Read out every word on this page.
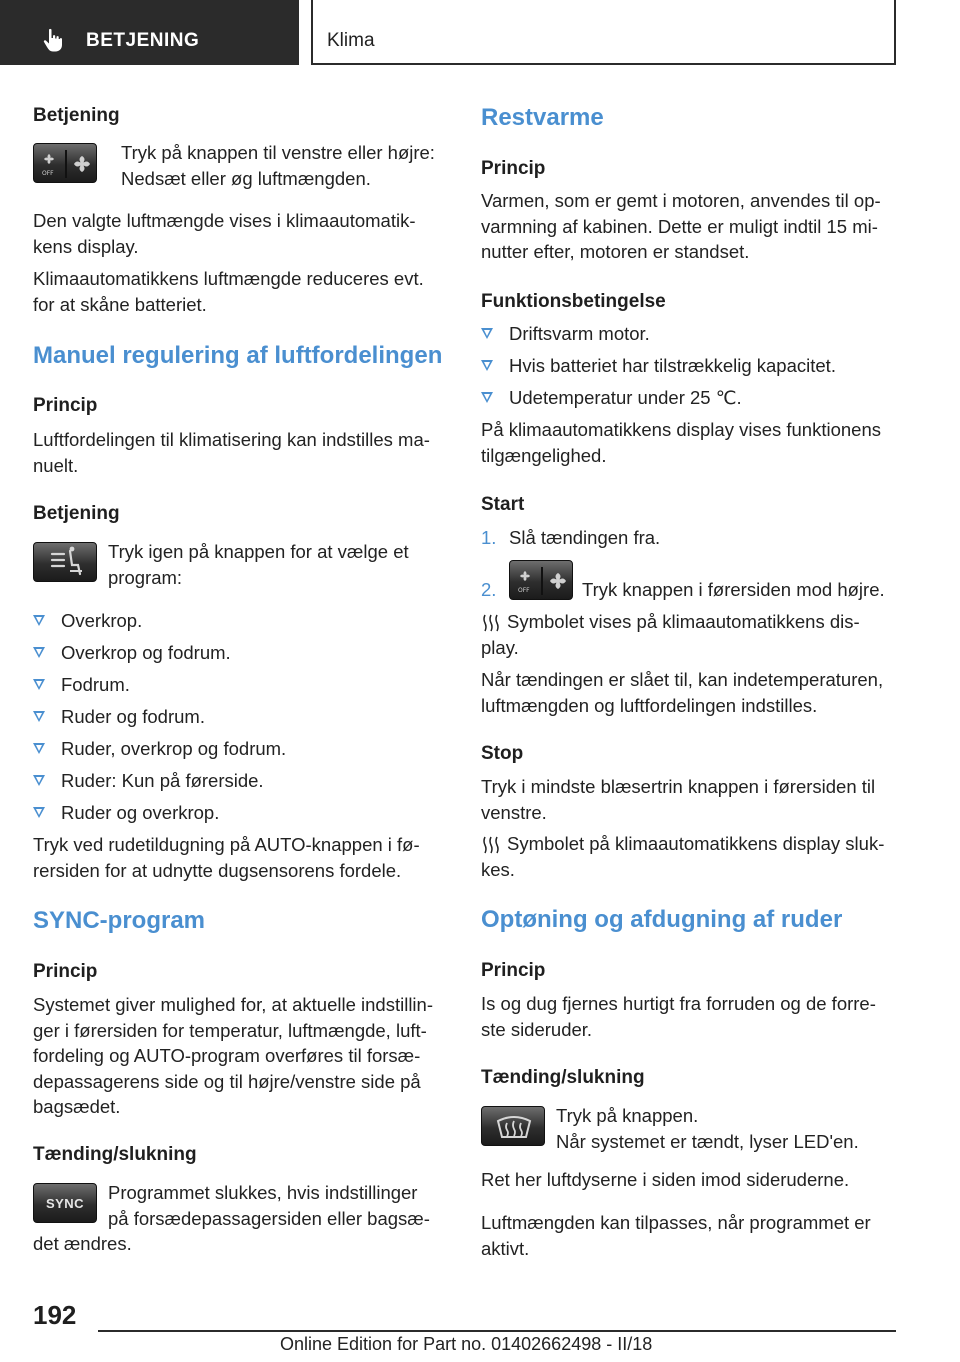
BETJENING	Klima
Betjening
OFF
Tryk på knappen til venstre eller højre:
Nedsæt eller øg luftmængden.
Den valgte luftmængde vises i klimaautomatik‐
kens display.
Klimaautomatikkens luftmængde reduceres evt.
for at skåne batteriet.
Manuel regulering af luftfordelingen
Princip
Luftfordelingen til klimatisering kan indstilles ma‐
nuelt.
Betjening
Tryk igen på knappen for at vælge et
program:
Overkrop.
Overkrop og fodrum.
Fodrum.
Ruder og fodrum.
Ruder, overkrop og fodrum.
Ruder: Kun på førerside.
Ruder og overkrop.
Tryk ved rudetildugning på AUTO-knappen i fø‐
rersiden for at udnytte dugsensorens fordele.
SYNC-program
Princip
Systemet giver mulighed for, at aktuelle indstillin‐
ger i førersiden for temperatur, luftmængde, luft‐
fordeling og AUTO-program overføres til forsæ‐
depassagerens side og til højre/venstre side på
bagsædet.
Tænding/slukning
SYNC	Programmet slukkes, hvis indstillinger
på forsædepassagersiden eller bagsæ‐
det ændres.
Restvarme
Princip
Varmen, som er gemt i motoren, anvendes til op‐
varmning af kabinen. Dette er muligt indtil 15 mi‐
nutter efter, motoren er standset.
Funktionsbetingelse
Driftsvarm motor.
Hvis batteriet har tilstrækkelig kapacitet.
Udetemperatur under 25 ℃.
På klimaautomatikkens display vises funktionens
tilgængelighed.
Start
1. Slå tændingen fra.
2.	OFF	Tryk knappen i førersiden mod højre.
Symbolet vises på klimaautomatikkens dis‐
play.
Når tændingen er slået til, kan indetemperaturen,
luftmængden og luftfordelingen indstilles.
Stop
Tryk i mindste blæsertrin knappen i førersiden til
venstre.
Symbolet på klimaautomatikkens display sluk‐
kes.
Optøning og afdugning af ruder
Princip
Is og dug fjernes hurtigt fra forruden og de forre‐
ste sideruder.
Tænding/slukning
Tryk på knappen.
Når systemet er tændt, lyser LED'en.
Ret her luftdyserne i siden imod sideruderne.
Luftmængden kan tilpasses, når programmet er
aktivt.
192
Online Edition for Part no. 01402662498 - II/18
